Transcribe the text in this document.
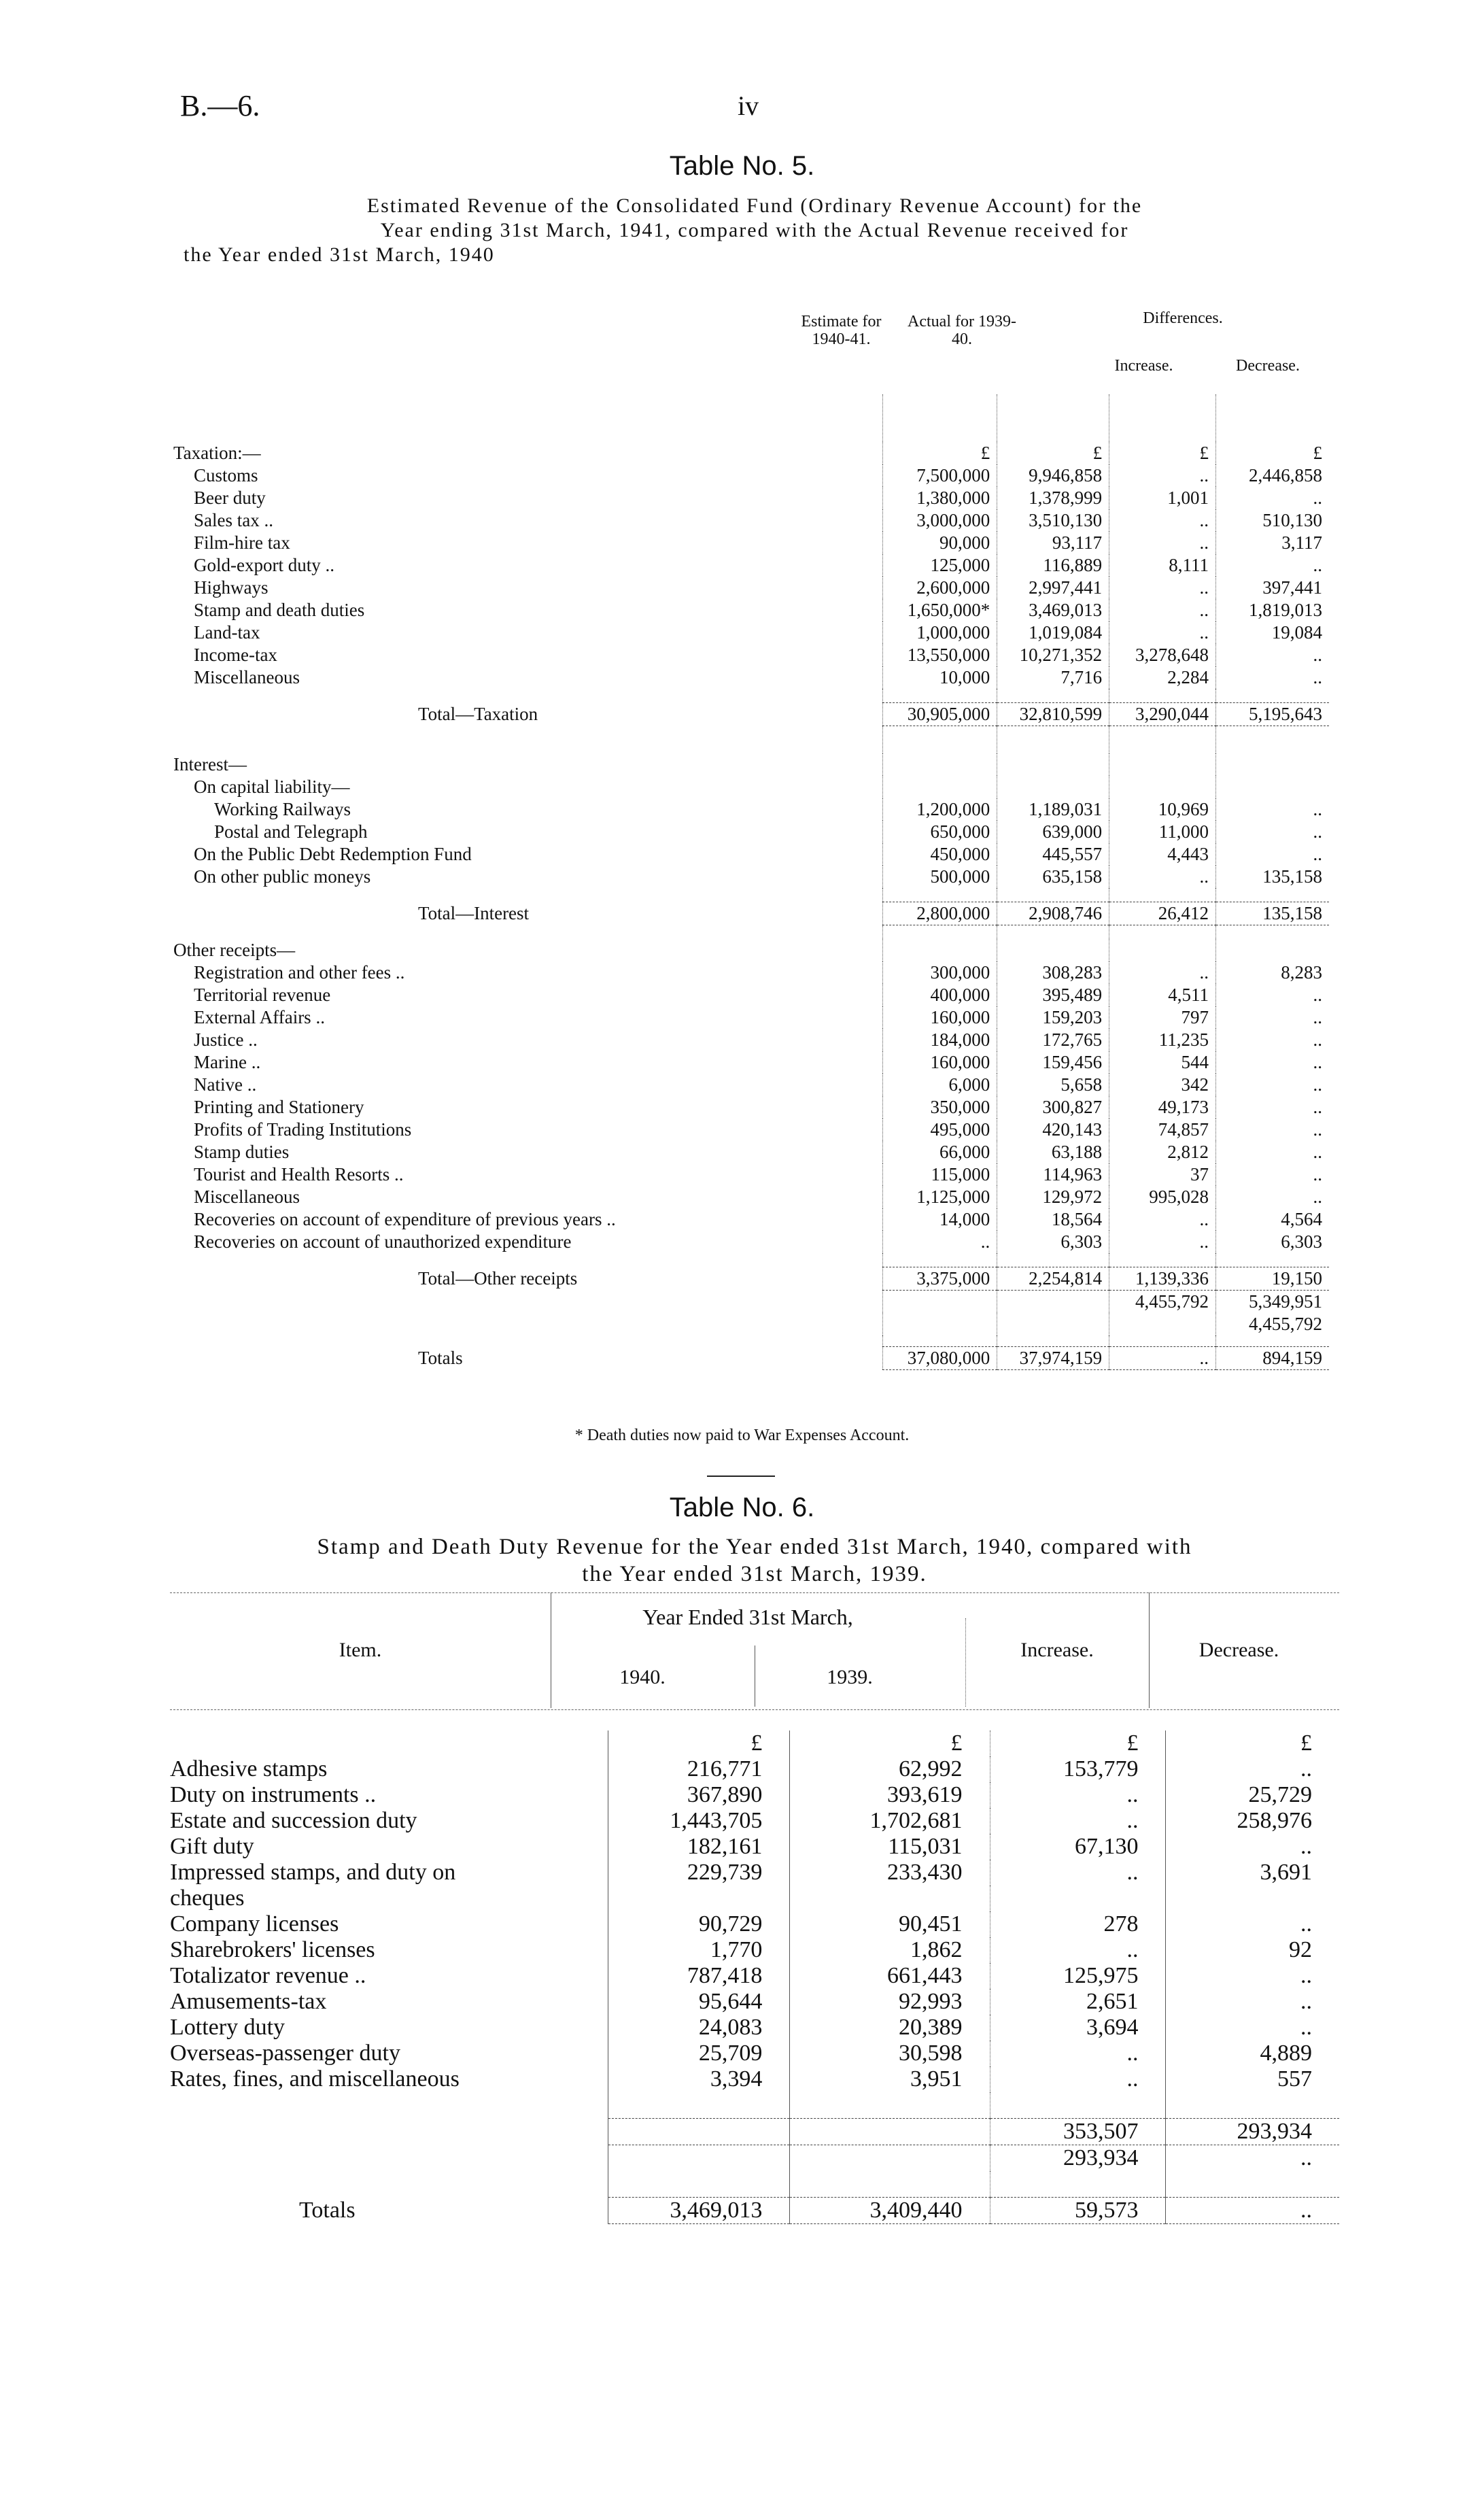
B.—6.	iv
Table No. 5.
Estimated Revenue of the Consolidated Fund (Ordinary Revenue Account) for the
Year ending 31st March, 1941, compared with the Actual Revenue received for
the Year ended 31st March, 1940
Estimate for 1940-41.
Actual for 1939-40.
Differences.
Increase.	Decrease.

Taxation:—	£	£	£	£
Customs	7,500,000	9,946,858	..	2,446,858
Beer duty	1,380,000	1,378,999	1,001	..
Sales tax ..	3,000,000	3,510,130	..	510,130
Film-hire tax	90,000	93,117	..	3,117
Gold-export duty ..	125,000	116,889	8,111	..
Highways	2,600,000	2,997,441	..	397,441
Stamp and death duties	1,650,000*	3,469,013	..	1,819,013
Land-tax	1,000,000	1,019,084	..	19,084
Income-tax	13,550,000	10,271,352	3,278,648	..
Miscellaneous	10,000	7,716	2,284	..

Total—Taxation	30,905,000	32,810,599	3,290,044	5,195,643

Interest—				
On capital liability—				
Working Railways	1,200,000	1,189,031	10,969	..
Postal and Telegraph	650,000	639,000	11,000	..
On the Public Debt Redemption Fund	450,000	445,557	4,443	..
On other public moneys	500,000	635,158	..	135,158

Total—Interest	2,800,000	2,908,746	26,412	135,158

Other receipts—				
Registration and other fees ..	300,000	308,283	..	8,283
Territorial revenue	400,000	395,489	4,511	..
External Affairs ..	160,000	159,203	797	..
Justice ..	184,000	172,765	11,235	..
Marine ..	160,000	159,456	544	..
Native ..	6,000	5,658	342	..
Printing and Stationery	350,000	300,827	49,173	..
Profits of Trading Institutions	495,000	420,143	74,857	..
Stamp duties	66,000	63,188	2,812	..
Tourist and Health Resorts ..	115,000	114,963	37	..
Miscellaneous	1,125,000	129,972	995,028	..
Recoveries on account of expenditure of previous years ..	14,000	18,564	..	4,564
Recoveries on account of unauthorized expenditure	..	6,303	..	6,303

Total—Other receipts	3,375,000	2,254,814	1,139,336	19,150
			4,455,792	5,349,951
				4,455,792

Totals	37,080,000	37,974,159	..	894,159
* Death duties now paid to War Expenses Account.
Table No. 6.
Stamp and Death Duty Revenue for the Year ended 31st March, 1940, compared with
the Year ended 31st March, 1939.
Item.
Year Ended 31st March,
1940.	1939.
Increase.	Decrease.
	£	£	£	£
Adhesive stamps	216,771	62,992	153,779	..
Duty on instruments ..	367,890	393,619	..	25,729
Estate and succession duty	1,443,705	1,702,681	..	258,976
Gift duty	182,161	115,031	67,130	..
Impressed stamps, and duty on	229,739	233,430	..	3,691
cheques				
Company licenses	90,729	90,451	278	..
Sharebrokers' licenses	1,770	1,862	..	92
Totalizator revenue ..	787,418	661,443	125,975	..
Amusements-tax	95,644	92,993	2,651	..
Lottery duty	24,083	20,389	3,694	..
Overseas-passenger duty	25,709	30,598	..	4,889
Rates, fines, and miscellaneous	3,394	3,951	..	557

			353,507	293,934
			293,934	..

Totals	3,469,013	3,409,440	59,573	..
